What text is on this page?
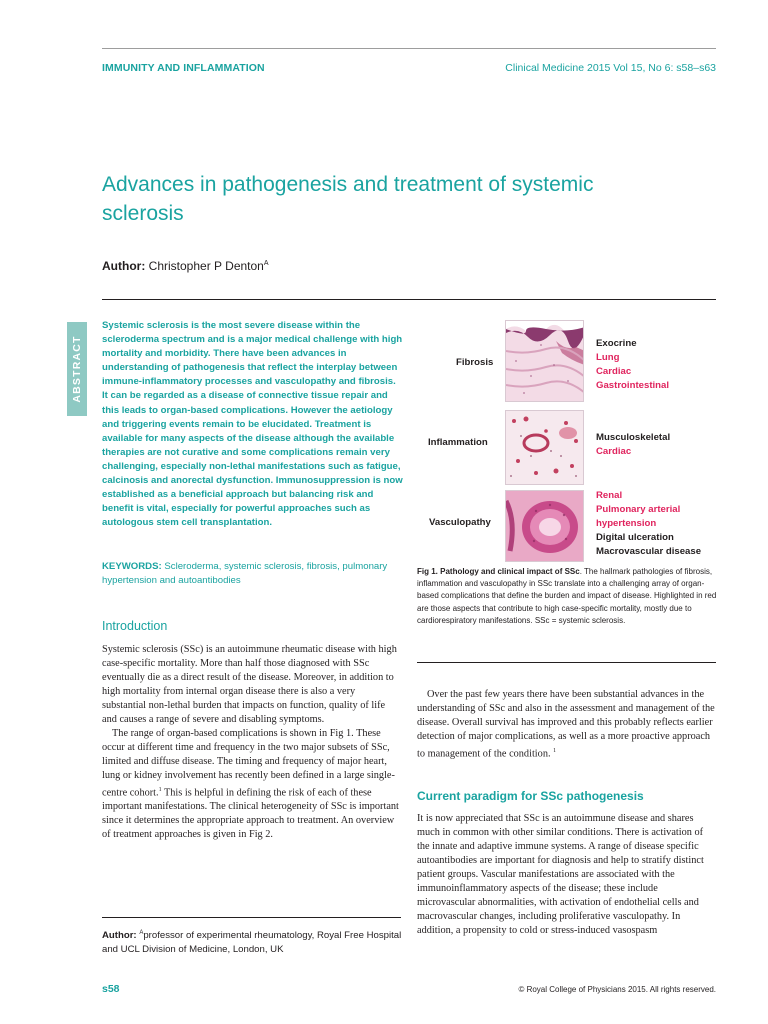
IMMUNITY AND INFLAMMATION	Clinical Medicine 2015 Vol 15, No 6: s58–s63
Advances in pathogenesis and treatment of systemic sclerosis
Author: Christopher P Denton$^A$
ABSTRACT
Systemic sclerosis is the most severe disease within the scleroderma spectrum and is a major medical challenge with high mortality and morbidity. There have been advances in understanding of pathogenesis that reflect the interplay between immune-inflammatory processes and vasculopathy and fibrosis. It can be regarded as a disease of connective tissue repair and this leads to organ-based complications. However the aetiology and triggering events remain to be elucidated. Treatment is available for many aspects of the disease although the available therapies are not curative and some complications remain very challenging, especially non-lethal manifestations such as fatigue, calcinosis and anorectal dysfunction. Immunosuppression is now established as a beneficial approach but balancing risk and benefit is vital, especially for powerful approaches such as autologous stem cell transplantation.
KEYWORDS: Scleroderma, systemic sclerosis, fibrosis, pulmonary hypertension and autoantibodies
Introduction

Systemic sclerosis (SSc) is an autoimmune rheumatic disease with high case-specific mortality. More than half those diagnosed with SSc eventually die as a direct result of the disease. Moreover, in addition to high mortality from internal organ disease there is also a very substantial non-lethal burden that impacts on function, quality of life and causes a range of severe and disabling symptoms.

The range of organ-based complications is shown in Fig 1. These occur at different time and frequency in the two major subsets of SSc, limited and diffuse disease. The timing and frequency of major heart, lung or kidney involvement has recently been defined in a large single-centre cohort.$^1$ This is helpful in defining the risk of each of these important manifestations. The clinical heterogeneity of SSc is important since it determines the appropriate approach to treatment. An overview of treatment approaches is given in Fig 2.

Author: $^A$professor of experimental rheumatology, Royal Free Hospital and UCL Division of Medicine, London, UK
Fibrosis
Exocrine
Lung
Cardiac
Gastrointestinal
Inflammation	Musculoskeletal
Cardiac
Vasculopathy
Renal
Pulmonary arterial
hypertension
Digital ulceration
Macrovascular disease
Fig 1. Pathology and clinical impact of SSc. The hallmark pathologies of fibrosis, inflammation and vasculopathy in SSc translate into a challenging array of organ-based complications that define the burden and impact of disease. Highlighted in red are those aspects that contribute to high case-specific mortality, mostly due to cardiorespiratory manifestations. SSc = systemic sclerosis.

Over the past few years there have been substantial advances in the understanding of SSc and also in the assessment and management of the disease. Overall survival has improved and this probably reflects earlier detection of major complications, as well as a more proactive approach to management of the condition. $^1$

Current paradigm for SSc pathogenesis
It is now appreciated that SSc is an autoimmune disease and shares much in common with other similar conditions. There is activation of the innate and adaptive immune systems. A range of disease specific autoantibodies are important for diagnosis and help to stratify distinct patient groups. Vascular manifestations are associated with the immunoinflammatory aspects of the disease; these include microvascular abnormalities, with activation of endothelial cells and macrovascular changes, including proliferative vasculopathy. In addition, a propensity to cold or stress-induced vasospasm
s58	© Royal College of Physicians 2015. All rights reserved.
